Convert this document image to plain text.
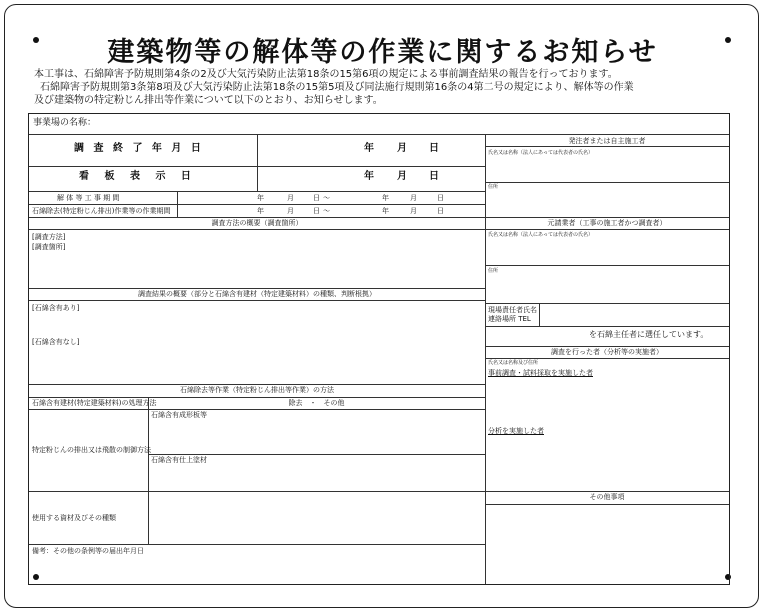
建築物等の解体等の作業に関するお知らせ

本工事は、石綿障害予防規則第4条の2及び大気汚染防止法第18条の15第6項の規定による事前調査結果の報告を行っております。

石綿障害予防規則第3条第8項及び大気汚染防止法第18条の15第5項及び同法施行規則第16条の4第二号の規定により、解体等の作業

及び建築物の特定粉じん排出等作業について以下のとおり、お知らせします。

事業場の名称：
調 査 終 了 年 月 日	年 月 日
看 板 表 示 日	年 月 日
解 体 等 工 事 期 間	年	月	日 ～	年	月	日
石綿除去(特定粉じん排出)作業等の作業期間	年	月	日 ～	年	月	日
調査方法の概要（調査箇所）
[調査方法]
[調査箇所]
調査結果の概要（部分と石綿含有建材（特定建築材料）の種類、判断根拠）
[石綿含有あり]
[石綿含有なし]
石綿除去等作業（特定粉じん排出等作業）の方法
石綿含有建材(特定建築材料)の処理方法	除去　・　その他
特定粉じんの排出又は飛散の制御方法
石綿含有成形板等
石綿含有仕上塗材
使用する資材及びその種類
備考：その他の条例等の届出年月日
発注者または自主施工者
氏名又は名称（法人にあっては代表者の氏名）
住所
元請業者（工事の施工者かつ調査者）
氏名又は名称（法人にあっては代表者の氏名）
住所
現場責任者氏名
連絡場所 TEL
を石綿主任者に選任しています。
調査を行った者（分析等の実施者）
氏名又は名称及び住所
事前調査・試料採取を実施した者
分析を実施した者
その他事項
